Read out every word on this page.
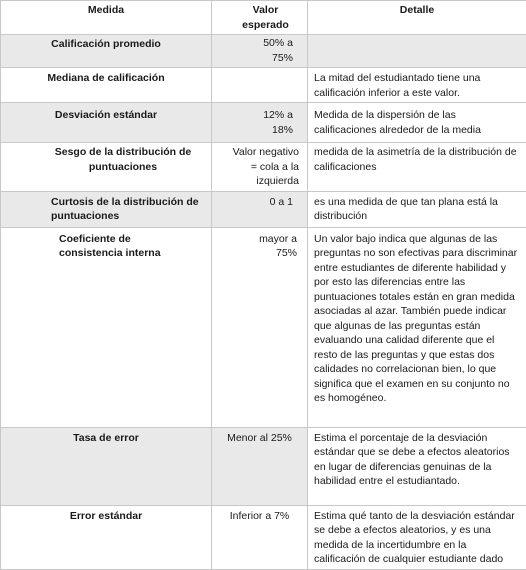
Medida	Valor esperado	Detalle
Calificación promedio	50% a 75%	
Mediana de calificación		La mitad del estudiantado tiene una calificación inferior a este valor.
Desviación estándar	12% a 18%	Medida de la dispersión de las calificaciones alrededor de la media
Sesgo de la distribución de puntuaciones	Valor negativo = cola a la izquierda	medida de la asimetría de la distribución de calificaciones
Curtosis de la distribución de puntuaciones	0 a 1	es una medida de que tan plana está la distribución
Coeficiente de consistencia interna	mayor a 75%	Un valor bajo indica que algunas de las preguntas no son efectivas para discriminar entre estudiantes de diferente habilidad y por esto las diferencias entre las puntuaciones totales están en gran medida asociadas al azar. También puede indicar que algunas de las preguntas están evaluando una calidad diferente que el resto de las preguntas y que estas dos calidades no correlacionan bien, lo que significa que el examen en su conjunto no es homogéneo.
Tasa de error	Menor al 25%	Estima el porcentaje de la desviación estándar que se debe a efectos aleatorios en lugar de diferencias genuinas de la habilidad entre el estudiantado.
Error estándar	Inferior a 7%	Estima qué tanto de la desviación estándar se debe a efectos aleatorios, y es una medida de la incertidumbre en la calificación de cualquier estudiante dado
